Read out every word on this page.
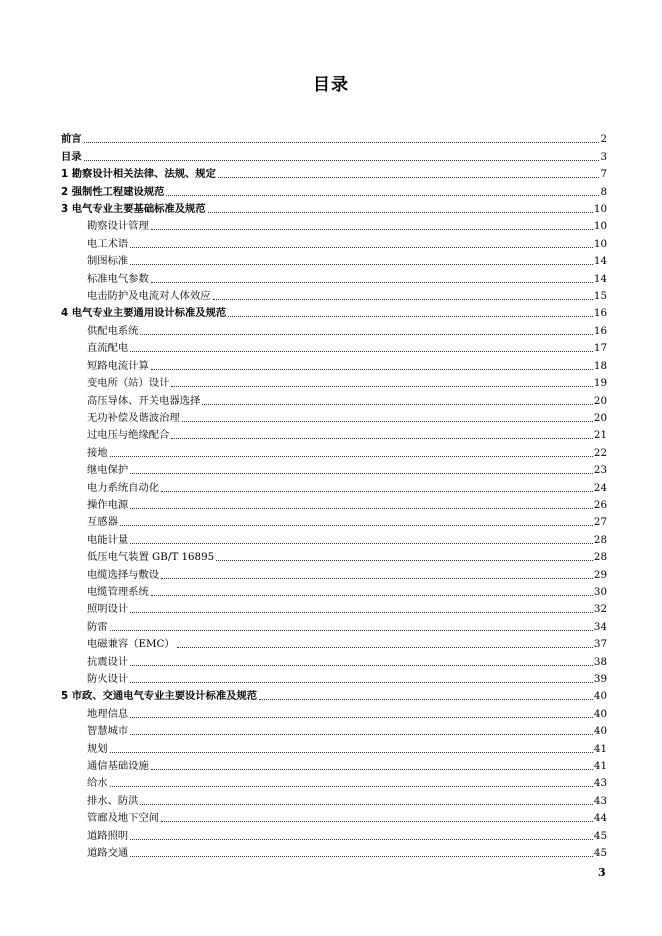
目录
前言	2
目录	3
1 勘察设计相关法律、法规、规定	7
2 强制性工程建设规范	8
3 电气专业主要基础标准及规范	10
勘察设计管理	10
电工术语	10
制图标准	14
标准电气参数	14
电击防护及电流对人体效应	15
4 电气专业主要通用设计标准及规范	16
供配电系统	16
直流配电	17
短路电流计算	18
变电所（站）设计	19
高压导体、开关电器选择	20
无功补偿及谐波治理	20
过电压与绝缘配合	21
接地	22
继电保护	23
电力系统自动化	24
操作电源	26
互感器	27
电能计量	28
低压电气装置 GB/T 16895	28
电缆选择与敷设	29
电缆管理系统	30
照明设计	32
防雷	34
电磁兼容（EMC）	37
抗震设计	38
防火设计	39
5 市政、交通电气专业主要设计标准及规范	40
地理信息	40
智慧城市	40
规划	41
通信基础设施	41
给水	43
排水、防洪	43
管廊及地下空间	44
道路照明	45
道路交通	45
3
